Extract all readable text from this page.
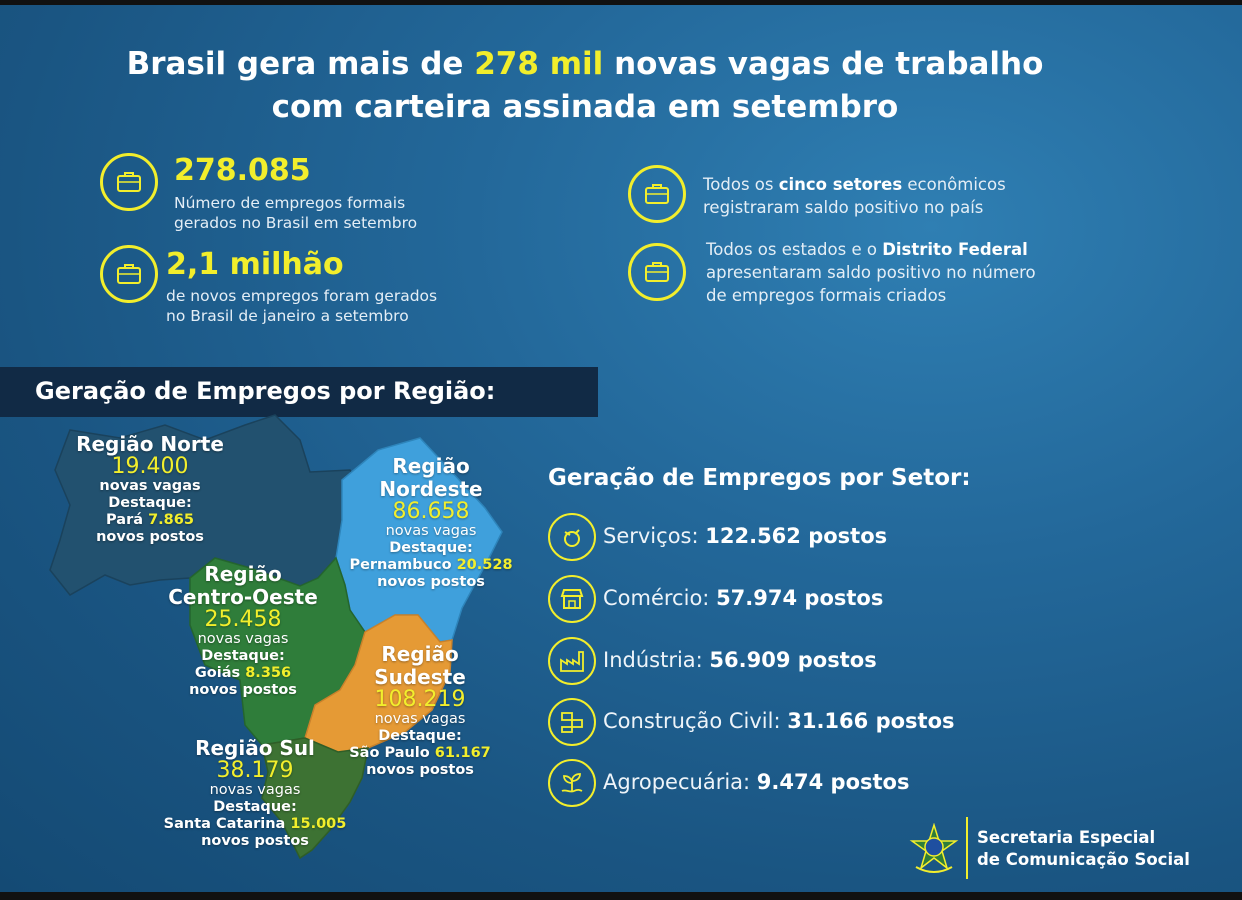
Brasil gera mais de 278 mil novas vagas de trabalho
com carteira assinada em setembro
278.085
Número de empregos formais
gerados no Brasil em setembro
2,1 milhão
de novos empregos foram gerados
no Brasil de janeiro a setembro
Todos os cinco setores econômicos
registraram saldo positivo no país
Todos os estados e o Distrito Federal
apresentaram saldo positivo no número
de empregos formais criados
Geração de Empregos por Região:
Região Norte
19.400
novas vagas
Destaque:
Pará 7.865
novos postos
Região
Nordeste
86.658
novas vagas
Destaque:
Pernambuco 20.528
novos postos
Região
Centro-Oeste
25.458
novas vagas
Destaque:
Goiás 8.356
novos postos
Região
Sudeste
108.219
novas vagas
Destaque:
São Paulo 61.167
novos postos
Região Sul
38.179
novas vagas
Destaque:
Santa Catarina 15.005
novos postos
Geração de Empregos por Setor:
Serviços: 122.562 postos
Comércio: 57.974 postos
Indústria: 56.909 postos
Construção Civil: 31.166 postos
Agropecuária: 9.474 postos
Secretaria Especial
de Comunicação Social
